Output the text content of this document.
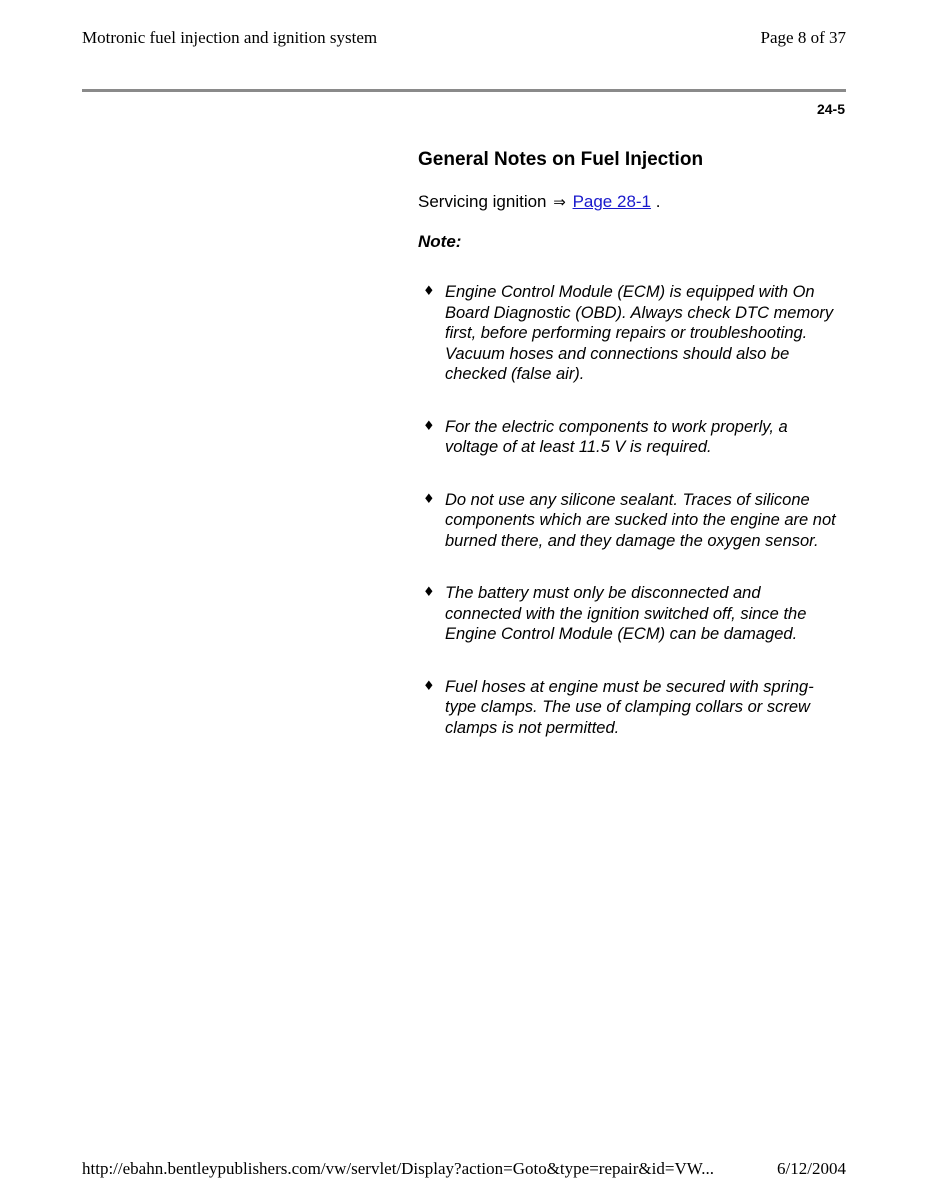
Motronic fuel injection and ignition system	Page 8 of 37
24-5
General Notes on Fuel Injection
Servicing ignition ⇒ Page 28-1 .
Note:
♦ Engine Control Module (ECM) is equipped with On Board Diagnostic (OBD). Always check DTC memory first, before performing repairs or troubleshooting. Vacuum hoses and connections should also be checked (false air).
♦ For the electric components to work properly, a voltage of at least 11.5 V is required.
♦ Do not use any silicone sealant. Traces of silicone components which are sucked into the engine are not burned there, and they damage the oxygen sensor.
♦ The battery must only be disconnected and connected with the ignition switched off, since the Engine Control Module (ECM) can be damaged.
♦ Fuel hoses at engine must be secured with spring-type clamps. The use of clamping collars or screw clamps is not permitted.
http://ebahn.bentleypublishers.com/vw/servlet/Display?action=Goto&type=repair&id=VW...	6/12/2004
